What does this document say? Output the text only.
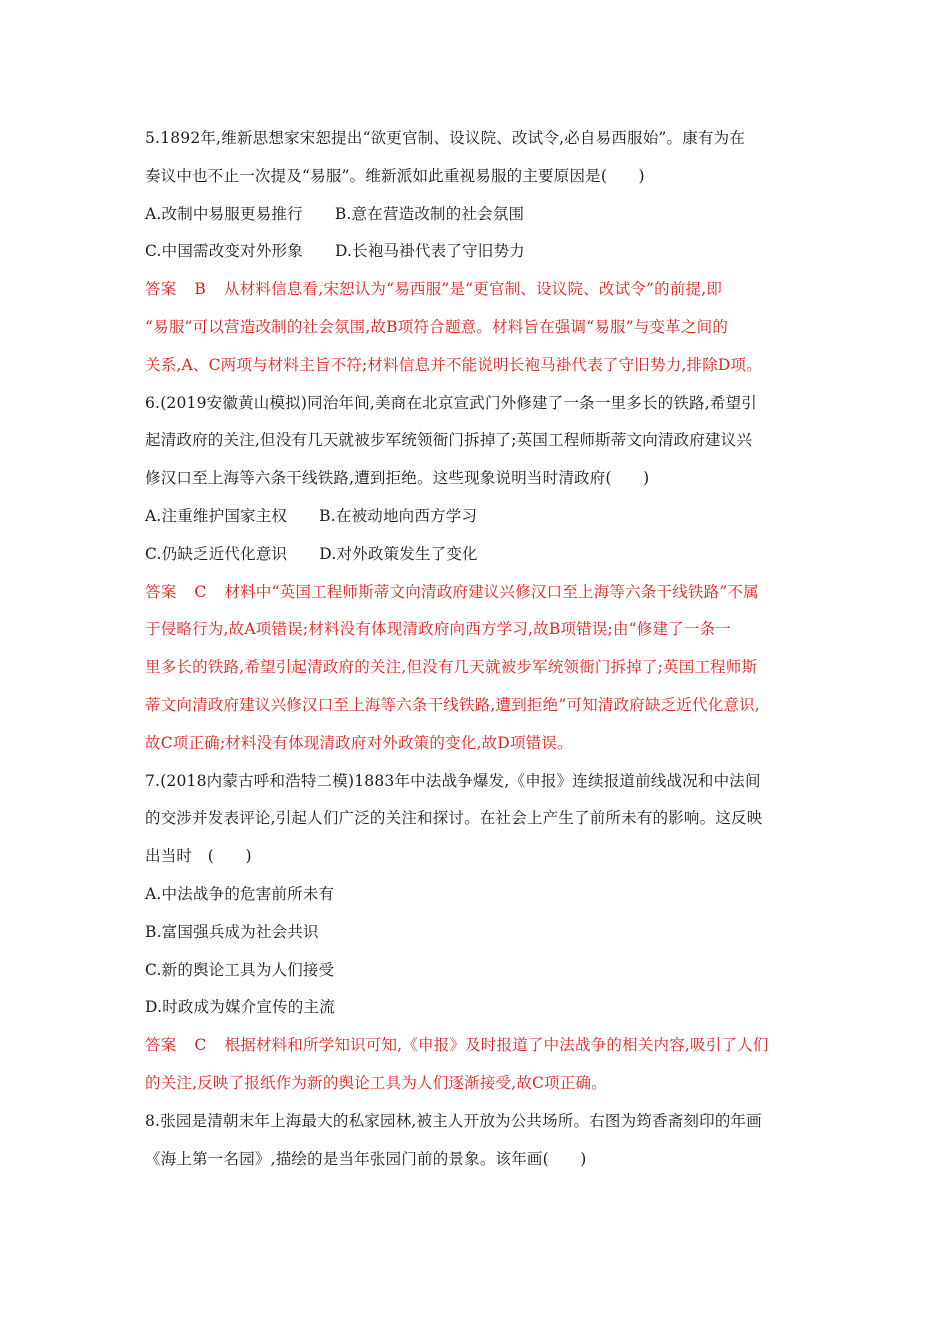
5.1892年,维新思想家宋恕提出“欲更官制、设议院、改试令,必自易西服始”。康有为在
奏议中也不止一次提及“易服”。维新派如此重视易服的主要原因是(　　)
A.改制中易服更易推行 B.意在营造改制的社会氛围
C.中国需改变对外形象 D.长袍马褂代表了守旧势力
答案 B 从材料信息看,宋恕认为“易西服”是“更官制、设议院、改试令”的前提,即
“易服”可以营造改制的社会氛围,故B项符合题意。材料旨在强调“易服”与变革之间的
关系,A、C两项与材料主旨不符;材料信息并不能说明长袍马褂代表了守旧势力,排除D项。
6.(2019安徽黄山模拟)同治年间,美商在北京宣武门外修建了一条一里多长的铁路,希望引
起清政府的关注,但没有几天就被步军统领衙门拆掉了;英国工程师斯蒂文向清政府建议兴
修汉口至上海等六条干线铁路,遭到拒绝。这些现象说明当时清政府(　　)
A.注重维护国家主权 B.在被动地向西方学习
C.仍缺乏近代化意识 D.对外政策发生了变化
答案 C 材料中“英国工程师斯蒂文向清政府建议兴修汉口至上海等六条干线铁路”不属
于侵略行为,故A项错误;材料没有体现清政府向西方学习,故B项错误;由“修建了一条一
里多长的铁路,希望引起清政府的关注,但没有几天就被步军统领衙门拆掉了;英国工程师斯
蒂文向清政府建议兴修汉口至上海等六条干线铁路,遭到拒绝”可知清政府缺乏近代化意识,
故C项正确;材料没有体现清政府对外政策的变化,故D项错误。
7.(2018内蒙古呼和浩特二模)1883年中法战争爆发,《申报》连续报道前线战况和中法间
的交涉并发表评论,引起人们广泛的关注和探讨。在社会上产生了前所未有的影响。这反映
出当时　(　　)
A.中法战争的危害前所未有
B.富国强兵成为社会共识
C.新的舆论工具为人们接受
D.时政成为媒介宣传的主流
答案 C 根据材料和所学知识可知,《申报》及时报道了中法战争的相关内容,吸引了人们
的关注,反映了报纸作为新的舆论工具为人们逐渐接受,故C项正确。
8.张园是清朝末年上海最大的私家园林,被主人开放为公共场所。右图为筠香斋刻印的年画
《海上第一名园》,描绘的是当年张园门前的景象。该年画(　　)
